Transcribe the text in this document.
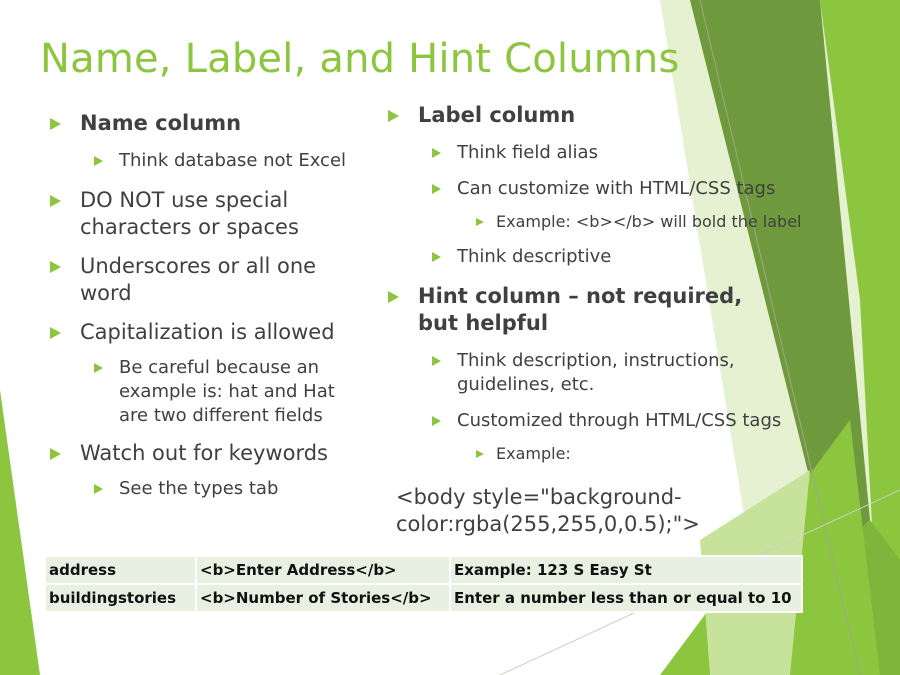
Name, Label, and Hint Columns
Name column
Think database not Excel
DO NOT use special characters or spaces
Underscores or all one word
Capitalization is allowed
Be careful because an example is: hat and Hat are two different fields
Watch out for keywords
See the types tab
Label column
Think field alias
Can customize with HTML/CSS tags
Example: <b></b> will bold the label
Think descriptive
Hint column – not required, but helpful
Think description, instructions, guidelines, etc.
Customized through HTML/CSS tags
Example:
<body style="background-color:rgba(255,255,0,0.5);">
address	<b>Enter Address</b>	Example: 123 S Easy St
buildingstories	<b>Number of Stories</b>	Enter a number less than or equal to 10
